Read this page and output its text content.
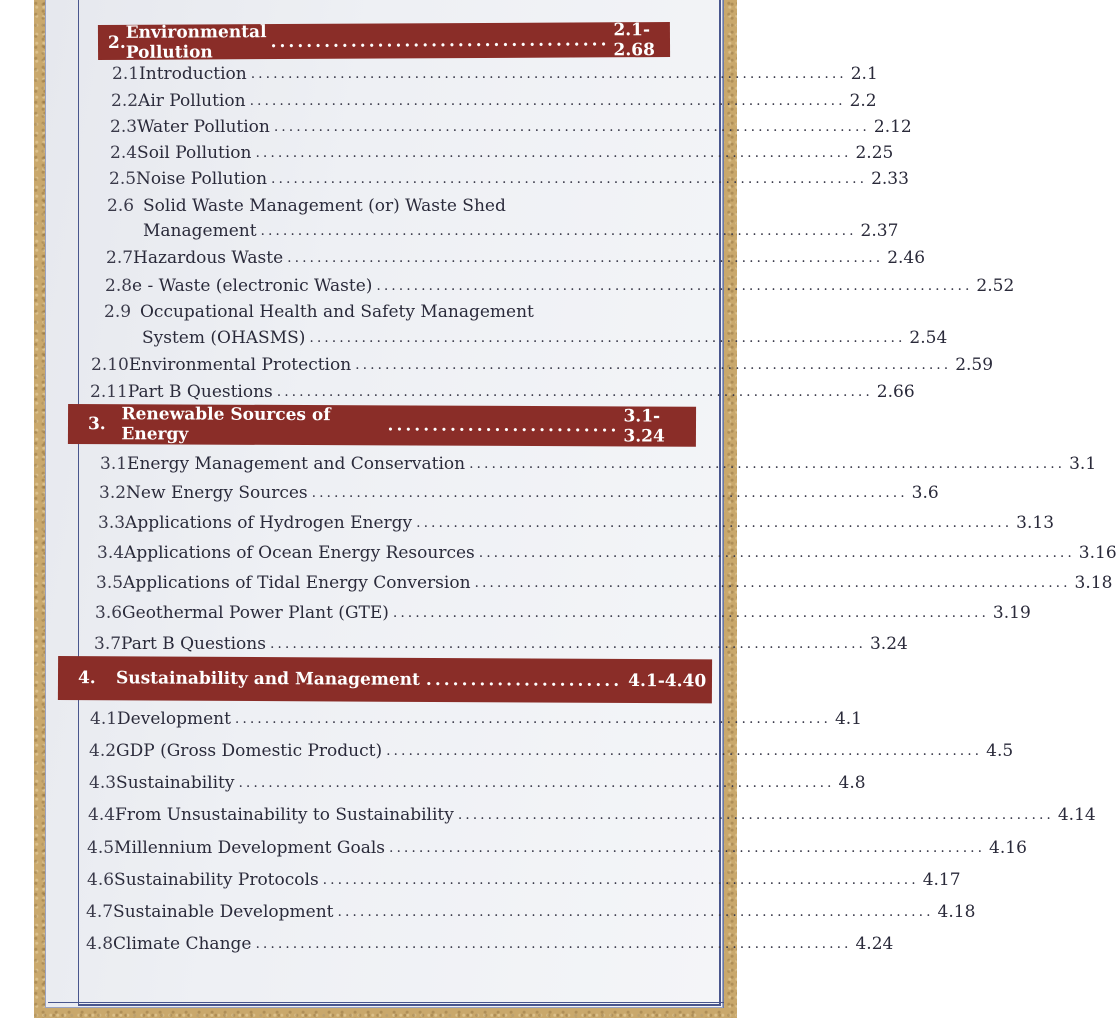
2.
Environmental Pollution
......................................
2.1-2.68
2.1 Introduction ................................................................................ 2.1
2.2 Air Pollution ................................................................................ 2.2
2.3 Water Pollution ................................................................................ 2.12
2.4 Soil Pollution ................................................................................ 2.25
2.5 Noise Pollution ................................................................................ 2.33
2.6 Solid Waste Management (or) Waste Shed
Management ................................................................................ 2.37
2.7 Hazardous Waste ................................................................................ 2.46
2.8 e - Waste (electronic Waste) ................................................................................ 2.52
2.9 Occupational Health and Safety Management
System (OHASMS) ................................................................................ 2.54
2.10 Environmental Protection ................................................................................ 2.59
2.11 Part B Questions ................................................................................ 2.66
3. Renewable Sources of Energy	.......................... 3.1-3.24
3.1 Energy Management and Conservation ................................................................................ 3.1
3.2 New Energy Sources ................................................................................ 3.6
3.3 Applications of Hydrogen Energy ................................................................................ 3.13
3.4 Applications of Ocean Energy Resources ................................................................................ 3.16
3.5 Applications of Tidal Energy Conversion ................................................................................ 3.18
3.6 Geothermal Power Plant (GTE) ................................................................................ 3.19
3.7 Part B Questions ................................................................................ 3.24
4.	Sustainability and Management ...................... 4.1-4.40
4.1 Development ................................................................................ 4.1
4.2 GDP (Gross Domestic Product) ................................................................................ 4.5
4.3 Sustainability ................................................................................ 4.8
4.4 From Unsustainability to Sustainability ................................................................................ 4.14
4.5 Millennium Development Goals ................................................................................ 4.16
4.6 Sustainability Protocols ................................................................................ 4.17
4.7 Sustainable Development ................................................................................ 4.18
4.8 Climate Change ................................................................................ 4.24
